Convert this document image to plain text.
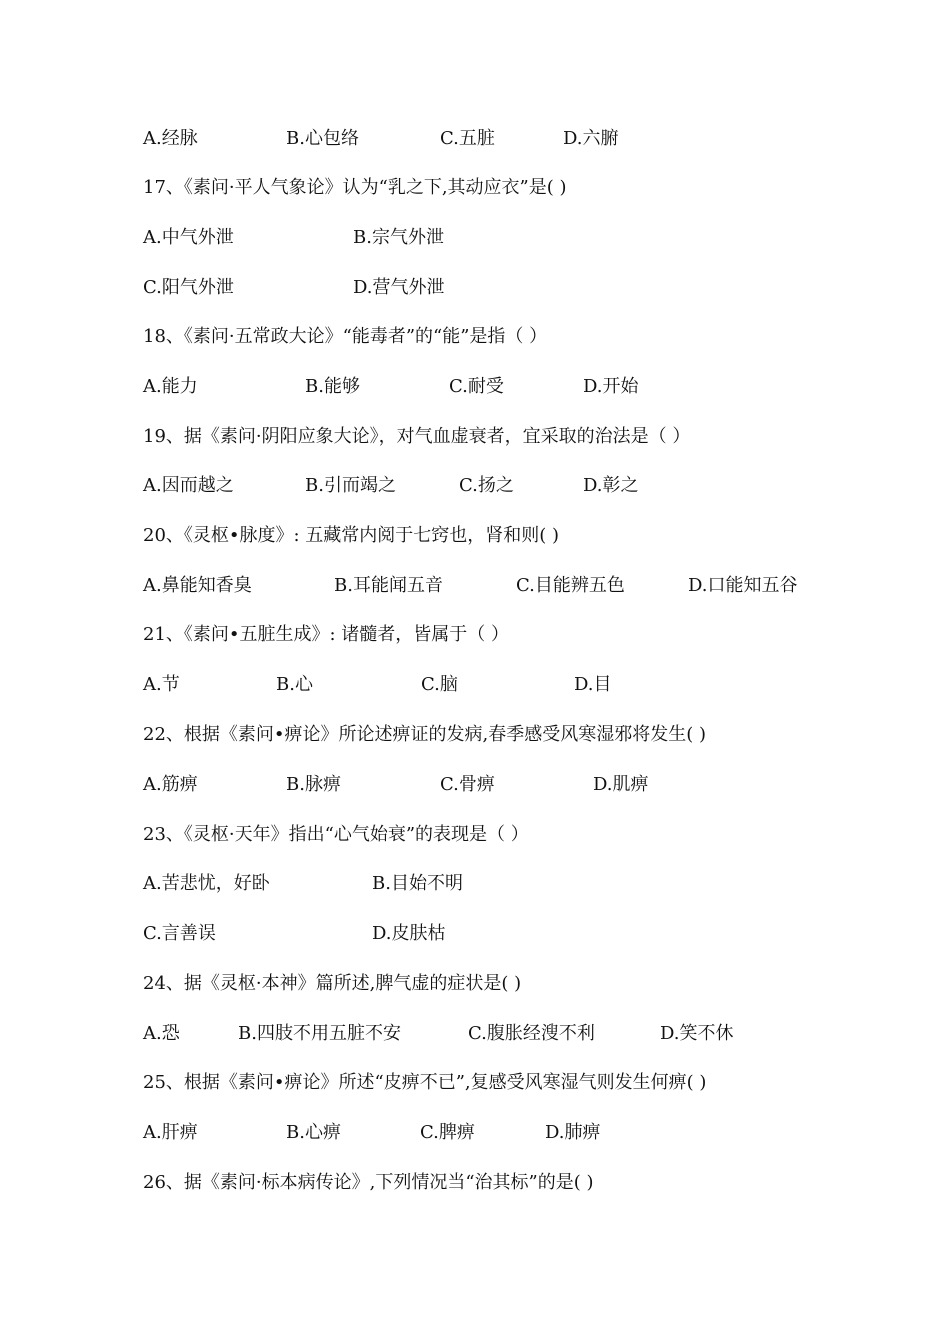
A.经脉	B.心包络	C.五脏	D.六腑
17、《素问·平人气象论》认为“乳之下,其动应衣”是( )
A.中气外泄	B.宗气外泄
C.阳气外泄	D.营气外泄
18、《素问·五常政大论》“能毒者”的“能”是指（ ）
A.能力	B.能够	C.耐受	D.开始
19、据《素问·阴阳应象大论》，对气血虚衰者，宜采取的治法是（ ）
A.因而越之	B.引而竭之	C.扬之	D.彰之
20、《灵枢•脉度》: 五藏常内阅于七窍也，肾和则( )
A.鼻能知香臭	B.耳能闻五音	C.目能辨五色	D.口能知五谷
21、《素问•五脏生成》: 诸髓者，皆属于（ ）
A.节	B.心	C.脑	D.目
22、根据《素问•痹论》所论述痹证的发病,春季感受风寒湿邪将发生( )
A.筋痹	B.脉痹	C.骨痹	D.肌痹
23、《灵枢·天年》指出“心气始衰”的表现是（ ）
A.苦悲忧，好卧	B.目始不明
C.言善误	D.皮肤枯
24、据《灵枢·本神》篇所述,脾气虚的症状是( )
A.恐	B.四肢不用五脏不安	C.腹胀经溲不利	D.笑不休
25、根据《素问•痹论》所述“皮痹不已”,复感受风寒湿气则发生何痹( )
A.肝痹	B.心痹	C.脾痹	D.肺痹
26、据《素问·标本病传论》,下列情况当“治其标”的是( )
